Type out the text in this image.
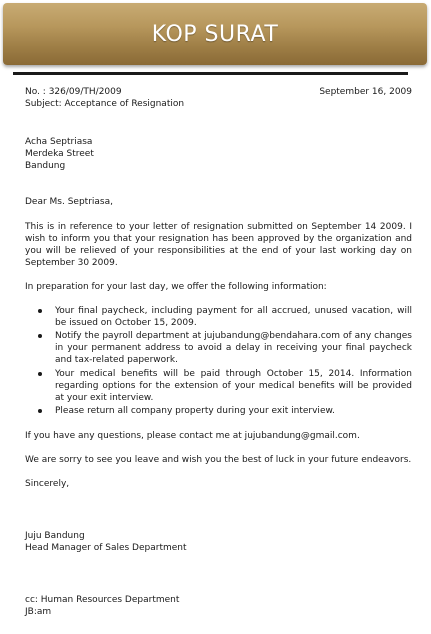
KOP SURAT
No. : 326/09/TH/2009	September 16, 2009

Subject: Acceptance of Resignation

Acha Septriasa

Merdeka Street

Bandung

Dear Ms. Septriasa,

This is in reference to your letter of resignation submitted on September 14 2009. I wish to inform you that your resignation has been approved by the organization and you will be relieved of your responsibilities at the end of your last working day on September 30 2009.

In preparation for your last day, we offer the following information:

Your final paycheck, including payment for all accrued, unused vacation, will be issued on October 15, 2009.
Notify the payroll department at jujubandung@bendahara.com of any changes in your permanent address to avoid a delay in receiving your final paycheck and tax-related paperwork.
Your medical benefits will be paid through October 15, 2014. Information regarding options for the extension of your medical benefits will be provided at your exit interview.
Please return all company property during your exit interview.

If you have any questions, please contact me at jujubandung@gmail.com.

We are sorry to see you leave and wish you the best of luck in your future endeavors.

Sincerely,

Juju Bandung

Head Manager of Sales Department

cc: Human Resources Department

JB:am
